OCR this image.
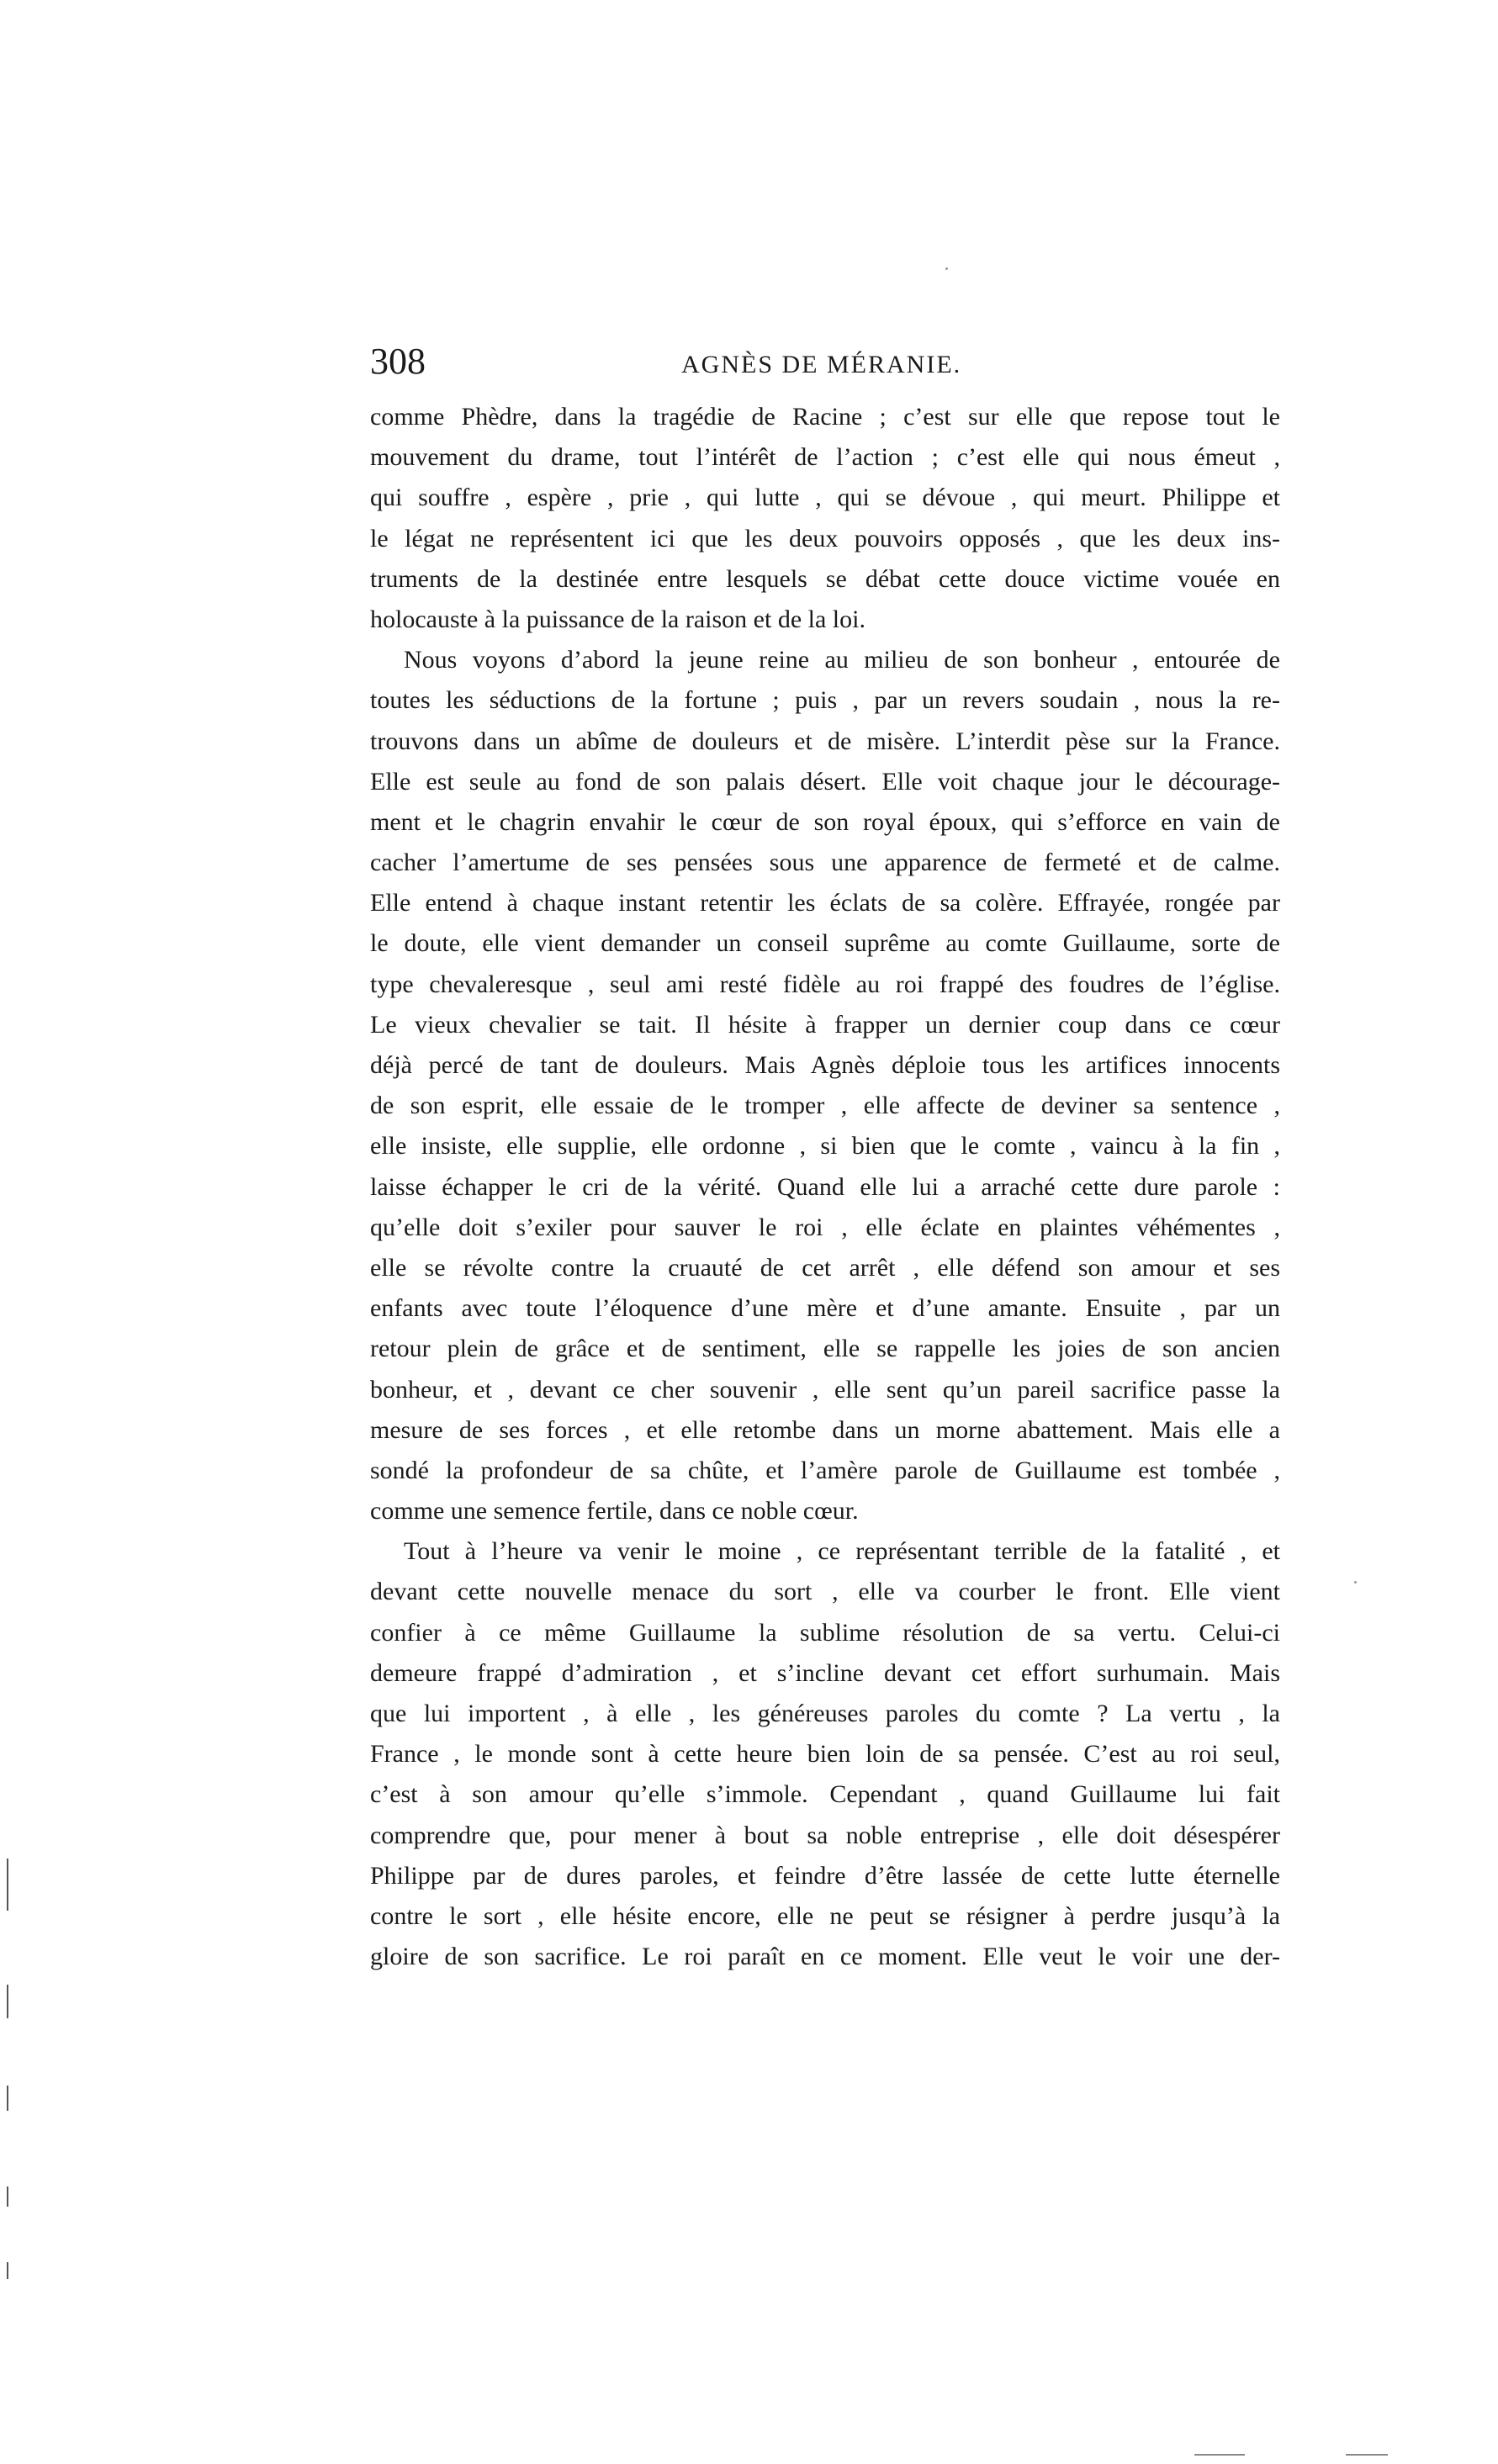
308	AGNÈS DE MÉRANIE.
comme Phèdre, dans la tragédie de Racine ; c’est sur elle que repose tout le
mouvement du drame, tout l’intérêt de l’action ; c’est elle qui nous émeut ,
qui souffre , espère , prie , qui lutte , qui se dévoue , qui meurt. Philippe et
le légat ne représentent ici que les deux pouvoirs opposés , que les deux ins-
truments de la destinée entre lesquels se débat cette douce victime vouée en
holocauste à la puissance de la raison et de la loi.
Nous voyons d’abord la jeune reine au milieu de son bonheur , entourée de
toutes les séductions de la fortune ; puis , par un revers soudain , nous la re-
trouvons dans un abîme de douleurs et de misère. L’interdit pèse sur la France.
Elle est seule au fond de son palais désert. Elle voit chaque jour le découragе-
ment et le chagrin envahir le cœur de son royal époux, qui s’efforce en vain de
cacher l’amertume de ses pensées sous une apparence de fermeté et de calme.
Elle entend à chaque instant retentir les éclats de sa colère. Effrayée, rongée par
le doute, elle vient demander un conseil suprême au comte Guillaume, sorte de
type chevaleresque , seul ami resté fidèle au roi frappé des foudres de l’église.
Le vieux chevalier se tait. Il hésite à frapper un dernier coup dans ce cœur
déjà percé de tant de douleurs. Mais Agnès déploie tous les artifices innocents
de son esprit, elle essaie de le tromper , elle affecte de deviner sa sentence ,
elle insiste, elle supplie, elle ordonne , si bien que le comte , vaincu à la fin ,
laisse échapper le cri de la vérité. Quand elle lui a arraché cette dure parole :
qu’elle doit s’exiler pour sauver le roi , elle éclate en plaintes véhémentes ,
elle se révolte contre la cruauté de cet arrêt , elle défend son amour et ses
enfants avec toute l’éloquence d’une mère et d’une amante. Ensuite , par un
retour plein de grâce et de sentiment, elle se rappelle les joies de son ancien
bonheur, et , devant ce cher souvenir , elle sent qu’un pareil sacrifice passe la
mesure de ses forces , et elle retombe dans un morne abattement. Mais elle a
sondé la profondeur de sa chûte, et l’amère parole de Guillaume est tombée ,
comme une semence fertile, dans ce noble cœur.
Tout à l’heure va venir le moine , ce représentant terrible de la fatalité , et
devant cette nouvelle menace du sort , elle va courber le front. Elle vient
confier à ce même Guillaume la sublime résolution de sa vertu. Celui-ci
demeure frappé d’admiration , et s’incline devant cet effort surhumain. Mais
que lui importent , à elle , les généreuses paroles du comte ? La vertu , la
France , le monde sont à cette heure bien loin de sa pensée. C’est au roi seul,
c’est à son amour qu’elle s’immole. Cependant , quand Guillaume lui fait
comprendre que, pour mener à bout sa noble entreprise , elle doit désespérer
Philippe par de dures paroles, et feindre d’être lassée de cette lutte éternelle
contre le sort , elle hésite encore, elle ne peut se résigner à perdre jusqu’à la
gloire de son sacrifice. Le roi paraît en ce moment. Elle veut le voir une der-
